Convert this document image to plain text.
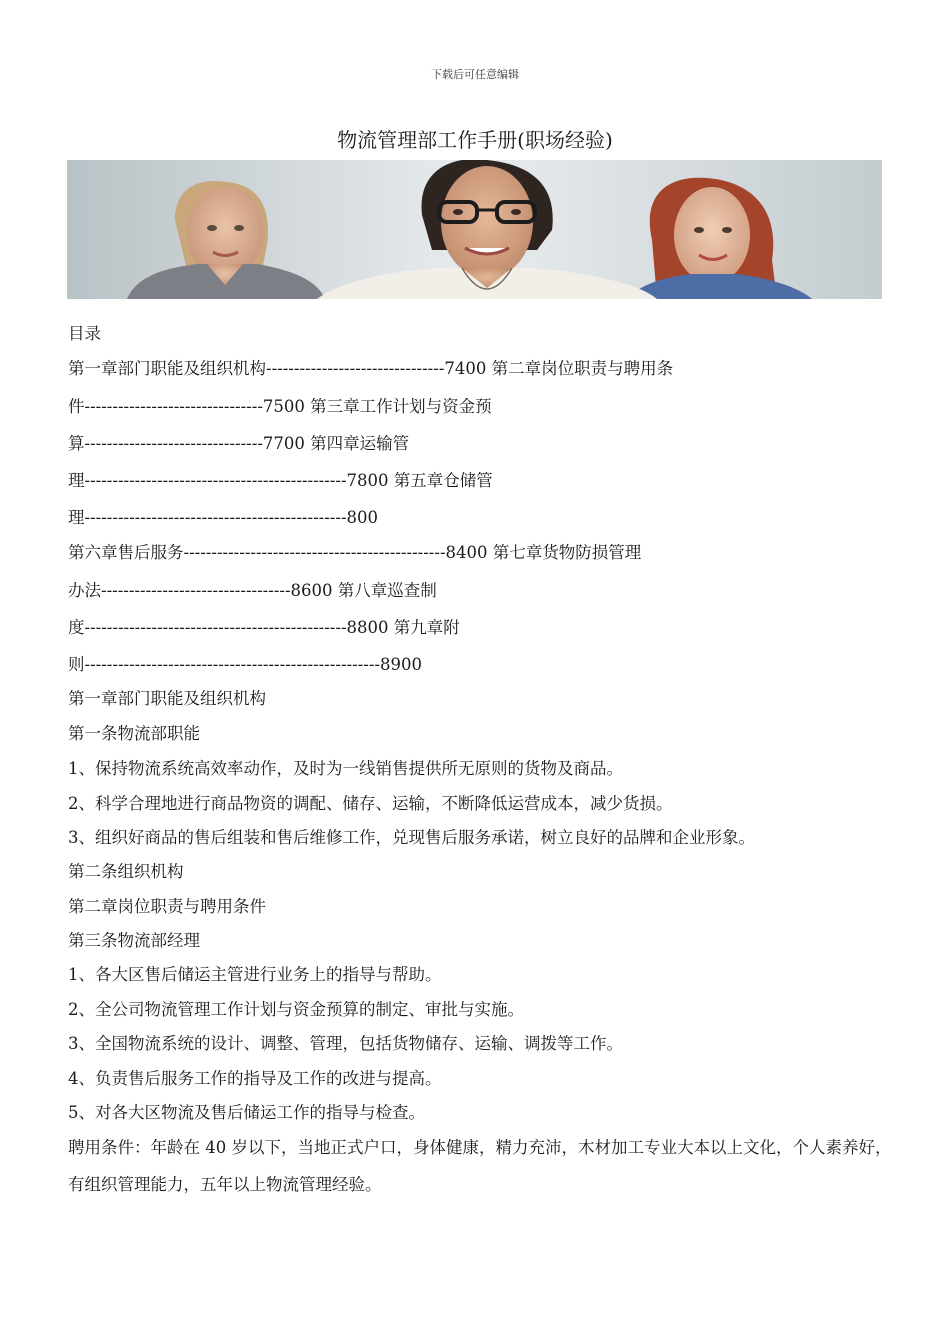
下载后可任意编辑
物流管理部工作手册(职场经验)
目录
第一章部门职能及组织机构--------------------------------7400 第二章岗位职责与聘用条
件--------------------------------7500 第三章工作计划与资金预
算--------------------------------7700 第四章运输管
理-----------------------------------------------7800 第五章仓储管
理-----------------------------------------------800
第六章售后服务-----------------------------------------------8400 第七章货物防损管理
办法----------------------------------8600 第八章巡查制
度-----------------------------------------------8800 第九章附
则-----------------------------------------------------8900
第一章部门职能及组织机构
第一条物流部职能
1、保持物流系统高效率动作，及时为一线销售提供所无原则的货物及商品。
2、科学合理地进行商品物资的调配、储存、运输，不断降低运营成本，减少货损。
3、组织好商品的售后组装和售后维修工作，兑现售后服务承诺，树立良好的品牌和企业形象。
第二条组织机构
第二章岗位职责与聘用条件
第三条物流部经理
1、各大区售后储运主管进行业务上的指导与帮助。
2、全公司物流管理工作计划与资金预算的制定、审批与实施。
3、全国物流系统的设计、调整、管理，包括货物储存、运输、调拨等工作。
4、负责售后服务工作的指导及工作的改进与提高。
5、对各大区物流及售后储运工作的指导与检查。
聘用条件：年龄在 40 岁以下，当地正式户口，身体健康，精力充沛，木材加工专业大本以上文化，个人素养好，有组织管理能力，五年以上物流管理经验。
